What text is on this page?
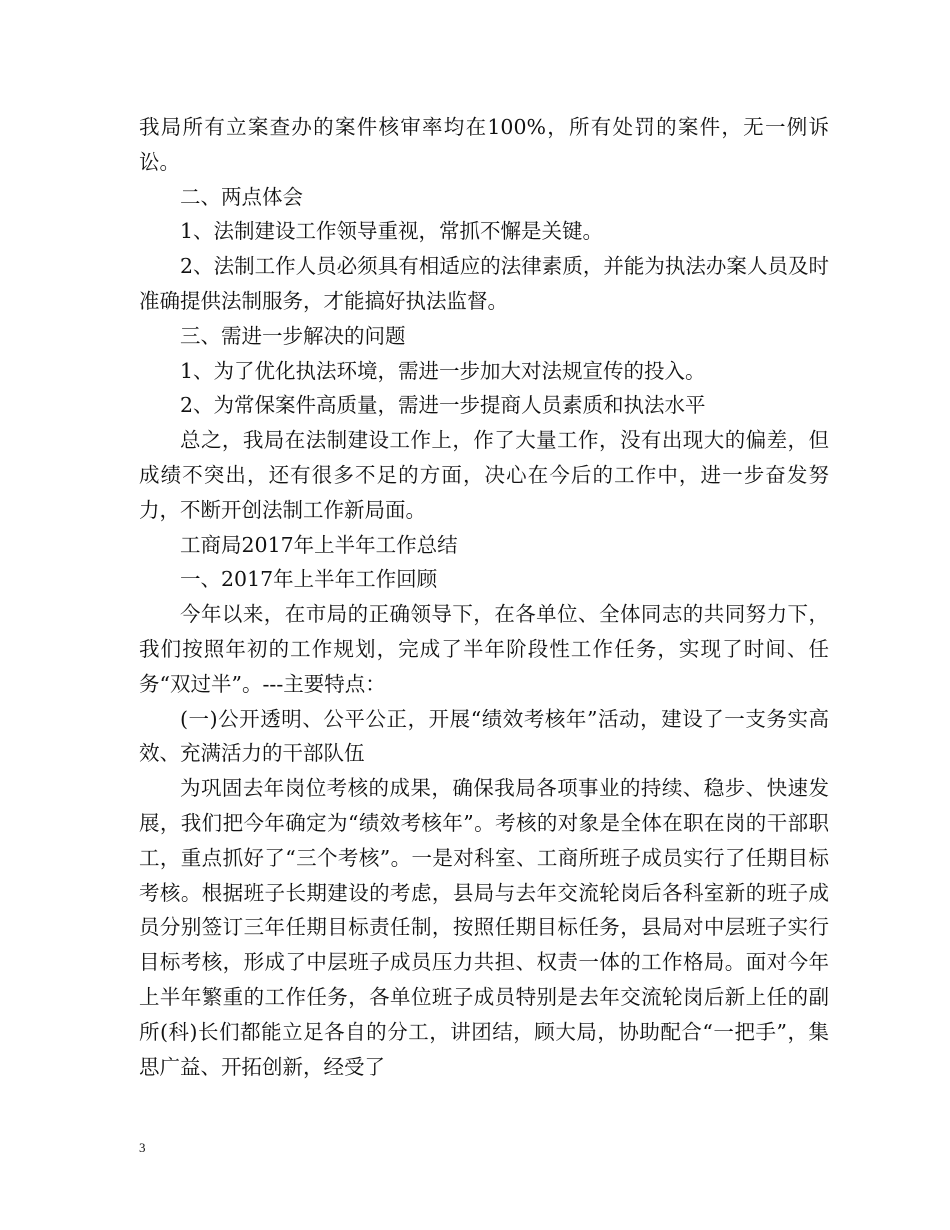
我局所有立案查办的案件核审率均在100%，所有处罚的案件，无一例诉讼。

二、两点体会

1、法制建设工作领导重视，常抓不懈是关键。

2、法制工作人员必须具有相适应的法律素质，并能为执法办案人员及时准确提供法制服务，才能搞好执法监督。

三、需进一步解决的问题

1、为了优化执法环境，需进一步加大对法规宣传的投入。

2、为常保案件高质量，需进一步提商人员素质和执法水平

总之，我局在法制建设工作上，作了大量工作，没有出现大的偏差，但成绩不突出，还有很多不足的方面，决心在今后的工作中，进一步奋发努力，不断开创法制工作新局面。

工商局2017年上半年工作总结

一、2017年上半年工作回顾

今年以来，在市局的正确领导下，在各单位、全体同志的共同努力下，我们按照年初的工作规划，完成了半年阶段性工作任务，实现了时间、任务“双过半”。---主要特点：

(一)公开透明、公平公正，开展“绩效考核年”活动，建设了一支务实高效、充满活力的干部队伍

为巩固去年岗位考核的成果，确保我局各项事业的持续、稳步、快速发展，我们把今年确定为“绩效考核年”。考核的对象是全体在职在岗的干部职工，重点抓好了“三个考核”。一是对科室、工商所班子成员实行了任期目标考核。根据班子长期建设的考虑，县局与去年交流轮岗后各科室新的班子成员分别签订三年任期目标责任制，按照任期目标任务，县局对中层班子实行目标考核，形成了中层班子成员压力共担、权责一体的工作格局。面对今年上半年繁重的工作任务，各单位班子成员特别是去年交流轮岗后新上任的副所(科)长们都能立足各自的分工，讲团结，顾大局，协助配合“一把手”，集思广益、开拓创新，经受了

3
